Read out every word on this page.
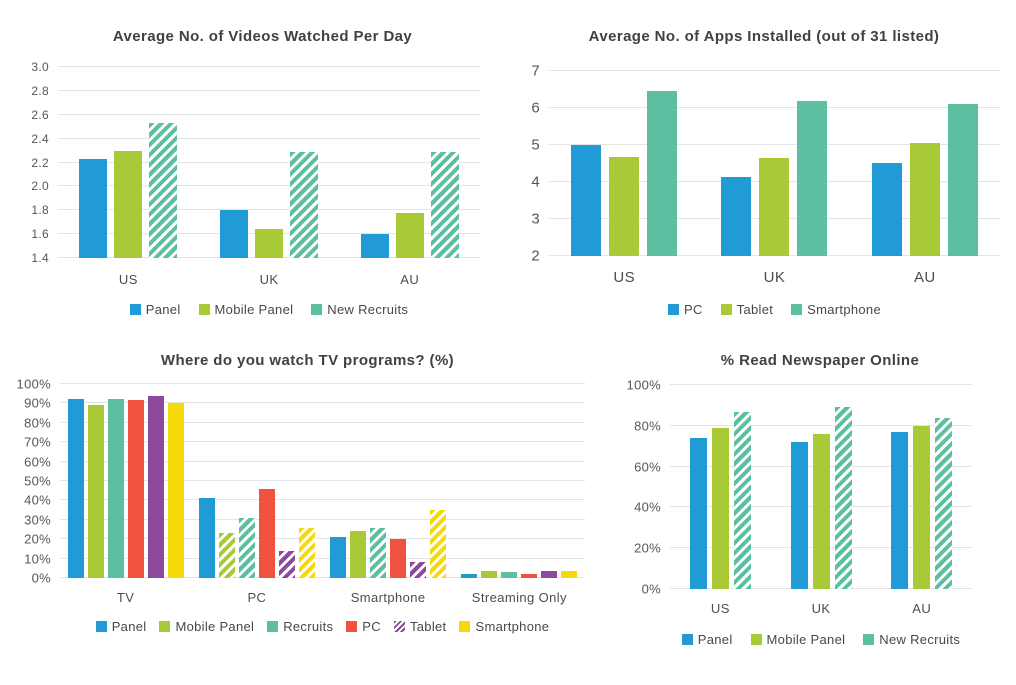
Average No. of Videos Watched Per Day
3.0
2.8
2.6
2.4
2.2
2.0
1.8
1.6
1.4
US	UK	AU
Panel	Mobile Panel	New Recruits
Average No. of Apps Installed (out of 31 listed)
7
6
5
4
3
2
US	UK	AU
PC	Tablet	Smartphone
Where do you watch TV programs? (%)
100%
90%
80%
70%
60%
50%
40%
30%
20%
10%
0%
TV	PC	Smartphone	Streaming Only
Panel Mobile Panel Recruits PC Tablet Smartphone
% Read Newspaper Online
100%
80%
60%
40%
20%
0%
US	UK	AU
Panel	Mobile Panel	New Recruits
